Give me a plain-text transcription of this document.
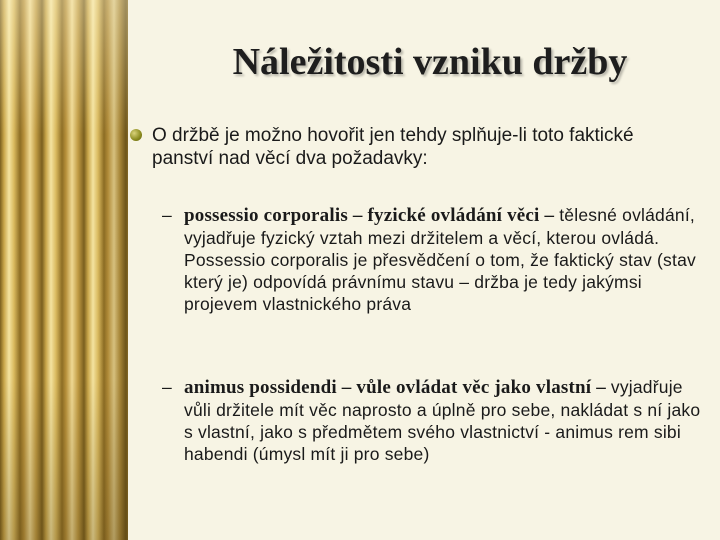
Náležitosti vzniku držby
O držbě je možno hovořit jen tehdy splňuje-li toto faktické panství nad věcí dva požadavky:
– possessio corporalis – fyzické ovládání věci – tělesné ovládání, vyjadřuje fyzický vztah mezi držitelem a věcí, kterou ovládá. Possessio corporalis je přesvědčení o tom, že faktický stav (stav který je) odpovídá právnímu stavu – držba je tedy jakýmsi projevem vlastnického práva
– animus possidendi – vůle ovládat věc jako vlastní – vyjadřuje vůli držitele mít věc naprosto a úplně pro sebe, nakládat s ní jako s vlastní, jako s předmětem svého vlastnictví - animus rem sibi habendi (úmysl mít ji pro sebe)
